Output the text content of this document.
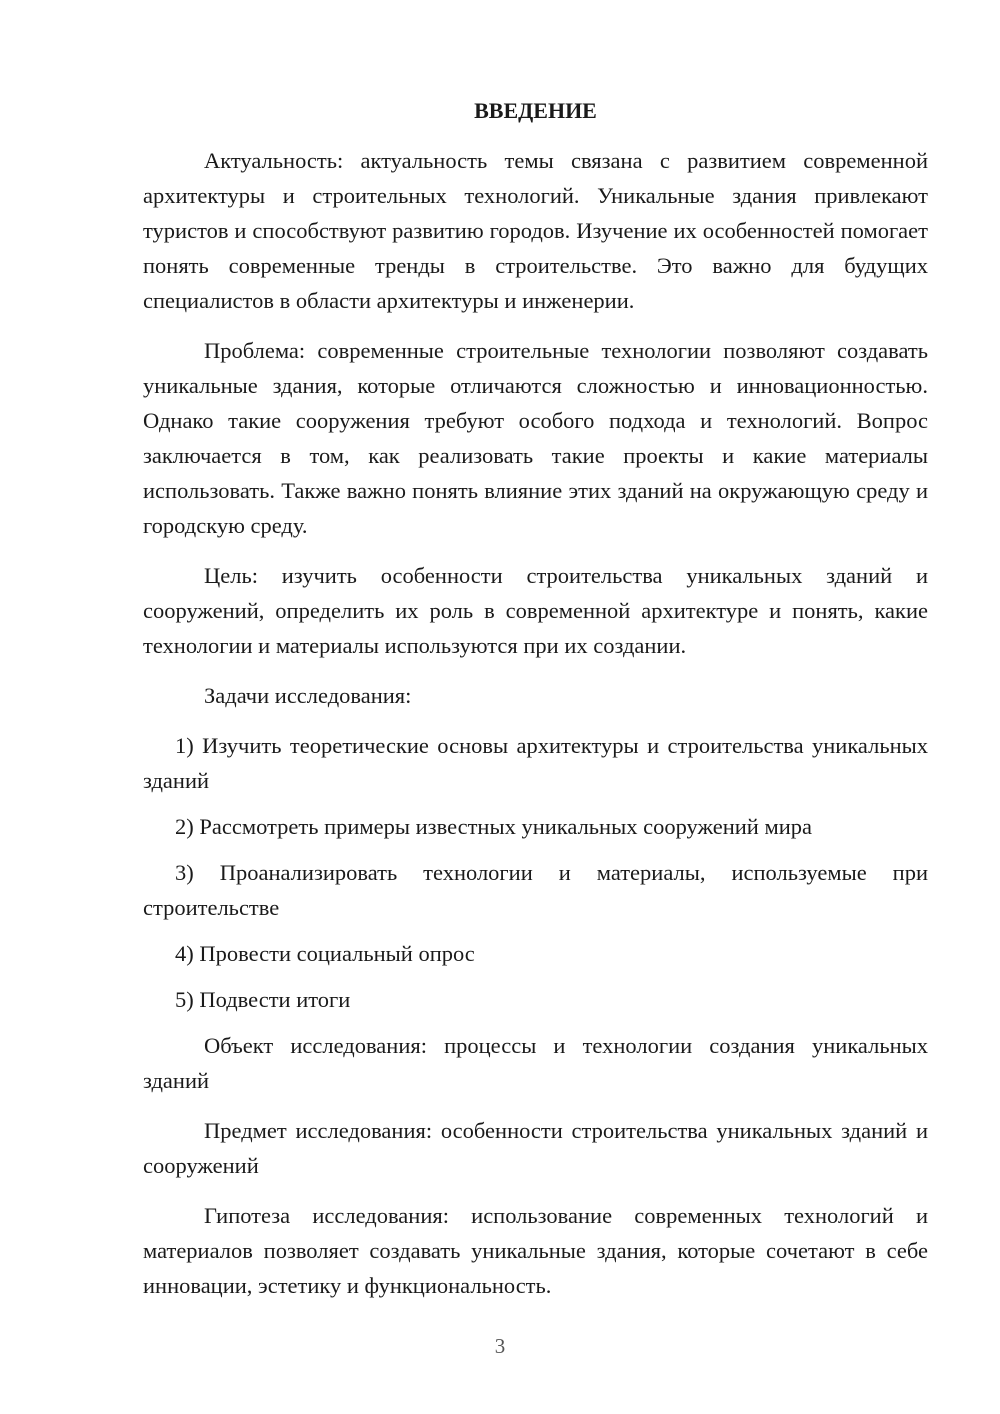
ВВЕДЕНИЕ

Актуальность: актуальность темы связана с развитием современной архитектуры и строительных технологий. Уникальные здания привлекают туристов и способствуют развитию городов. Изучение их особенностей помогает понять современные тренды в строительстве. Это важно для будущих специалистов в области архитектуры и инженерии.

Проблема: современные строительные технологии позволяют создавать уникальные здания, которые отличаются сложностью и инновационностью. Однако такие сооружения требуют особого подхода и технологий. Вопрос заключается в том, как реализовать такие проекты и какие материалы использовать. Также важно понять влияние этих зданий на окружающую среду и городскую среду.

Цель: изучить особенности строительства уникальных зданий и сооружений, определить их роль в современной архитектуре и понять, какие технологии и материалы используются при их создании.

Задачи исследования:

1) Изучить теоретические основы архитектуры и строительства уникальных зданий

2) Рассмотреть примеры известных уникальных сооружений мира

3) Проанализировать технологии и материалы, используемые при строительстве

4) Провести социальный опрос

5) Подвести итоги

Объект исследования: процессы и технологии создания уникальных зданий

Предмет исследования: особенности строительства уникальных зданий и сооружений

Гипотеза исследования: использование современных технологий и материалов позволяет создавать уникальные здания, которые сочетают в себе инновации, эстетику и функциональность.

3
